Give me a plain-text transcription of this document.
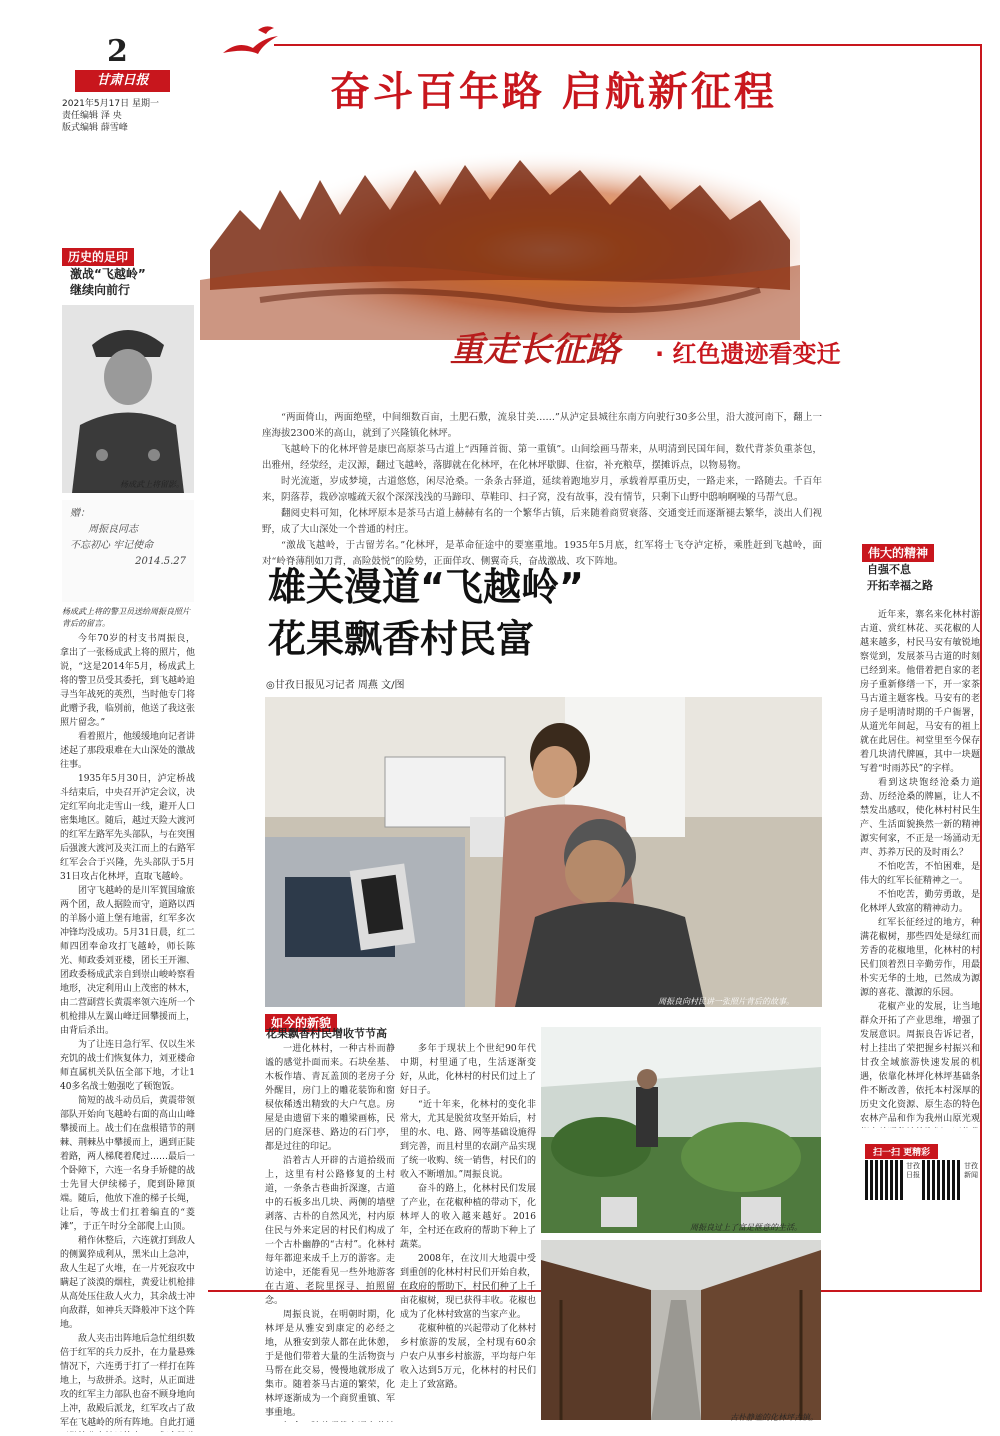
2
甘肃日报
2021年5月17日 星期一
责任编辑 泽 央
版式编辑 薛雪峰
奋斗百年路 启航新征程
重走长征路 · 红色遗迹看变迁
历史的足印
激战“飞越岭”
继续向前行
杨成武上将留影。
赠：
周振良同志
不忘初心 牢记使命
2014.5.27
杨成武上将的警卫员送给周振良照片背后的留言。

今年70岁的村支书周振良，拿出了一张杨成武上将的照片，他说，“这是2014年5月，杨成武上将的警卫员受其委托，到飞越岭追寻当年战死的英烈，当时他专门将此赠予我，临别前，他送了我这张照片留念。”

看着照片，他缓缓地向记者讲述起了那段艰难在大山深处的激战往事。

1935年5月30日，泸定桥战斗结束后，中央召开泸定会议，决定红军向北走雪山一线，避开人口密集地区。随后，越过天险大渡河的红军左路军先头部队，与在突围后强渡大渡河及夹江而上的右路军红军会合于兴隆，先头部队于5月31日攻占化林坪，直取飞越岭。

团守飞越岭的是川军賀国瑜旅两个团，敌人据险而守，道路以西的羊肠小道上堡有地雷，红军多次冲锋均没成功。5月31日晨，红二师四团奉命攻打飞越岭，师长陈光、师政委刘亚楼，团长王开湘、团政委杨成武亲自到崇山峻岭察看地形，决定利用山上茂密的林木，由二营副营长黄震率领六连所一个机枪排从左翼山峰迂回攀援而上，由背后杀出。

为了让连日急行军、仅以生米充饥的战士们恢复体力，刘亚楼命师直属机关队伍全部下地，才让140多名战士勉强吃了顿饱饭。

简短的战斗动员后，黄震带领部队开始向飞越岭右面的高山山峰攀援而上。战士们在盘根错节的荆棘、荆棘丛中攀援而上，遇到正陡着路，两人梯爬着爬过……最后一个卧障下，六连一名身手矫健的战士先冒大伊续梯子，爬到卧障顶端。随后，他放下准的梯子长绳，让后，等战士们扛着编直的“菱滩”，于正午时分全部爬上山顶。

稍作休整后，六连就打到敌人的侧翼猝成利从，黑米山上急冲，敌人生起了火堆，在一片死寂攻中瞒起了淡漠的烟柱，黄爱让机枪排从高处压住敌人火力，其余战士冲向敌群，如神兵天降般冲下这个阵地。

敌人夹击出阵地后急忙组织数倍于红军的兵力反扑，在力量悬殊情况下，六连勇于打了一样打在阵地上，与敌拼杀。这时，从正面进攻的红军主力部队也奋不顾身地向上冲，敌殿后派龙，红军攻占了敌军在飞越岭的所有阵地。自此打通

“两面倚山，两面绝壁，中间细数百亩，土肥石敷，流泉甘美……”从泸定县城往东南方向驶行30多公里，沿大渡河南下，翻上一座海拔2300米的高山，就到了兴隆镇化林坪。

飞越岭下的化林坪曾是康巴高原茶马古道上“西陲首衙、第一重镇”。山间绘画马帮来，从明清到民国年间，数代背茶负重茶包，出雅州，经荥经，走汉源，翻过飞越岭，落脚就在化林坪，在化林坪歇脚、住宿，补充粮草，摆摊诉点，以物易物。

时光流逝，岁成梦境，古道悠悠，闲尽沧桑。一条条古驿道，延续着跑地岁月，承载着厚重历史，一路走来，一路随去。千百年来，阴落荐，栽砂凉嘘疏天叙个深深浅浅的马蹄印、草鞋印、扫子窝，没有故事，没有情节，只剩下山野中鸱响啊噪的马帮气息。

翻阅史料可知，化林坪原本是茶马古道上赫赫有名的一个繁华古镇，后来随着商贸衰落、交通变迁而逐渐褪去繁华，淡出人们视野，成了大山深处一个普通的村庄。

“激战飞越岭，于古留芳名。”化林坪，是革命征途中的要塞重地。1935年5月底，红军将士飞夺泸定桥，乘胜赶到飞越岭，面对“岭脊薄削如刀背，高险鼓悦”的险势，正面佯攻、侧翼奇兵，奋战激战、攻下阵地。

雄关漫道“飞越岭”
花果飘香村民富
◎甘孜日报见习记者 周燕 文/图
周振良向村民讲一张照片背后的故事。
伟大的精神
自强不息
开拓幸福之路

近年来，寨名来化林村游古道、赏红林花、买花椒的人越来越多，村民马安有敏锐地察觉到，发展茶马古道的时刻已经到来。他借着把自家的老房子重新修缮一下，开一家茶马古道主题客栈。马安有的老房子是明清时期的千户衙署，从道光年间起，马安有的祖上就在此居住。祠堂里至今保存着几块清代牌匾，其中一块题写着“时雨苏民”的字样。

看到这块饱经沧桑力道劲、历经沧桑的牌匾，让人不禁发出感叹，使化林村村民生产、生活面貌换然一新的精神源实何家，不正是一场涌动无声、苏养万民的及时雨么？

不怕吃苦，不怕困难，是伟大的红军长征精神之一。

不怕吃苦，勤劳勇敢，是化林坪人致富的精神动力。

红军长征经过的地方，种满花椒树，那些四处是绿红而芳香的花椒地里，化林村的村民们顶着烈日辛勤劳作，用最朴实无华的土地，已然成为源源的喜花、激源的乐园。

花椒产业的发展，让当地群众开拓了产业思维，增强了发展意识。周振良告诉记者，村上挂出了荣把握乡村振兴和甘孜全域旅游快速发展的机遇，依靠化林坪化林坪基础条件不断改善，依托本村深厚的历史文化资源、原生态的特色农林产品和作为我州山原光观

扫一扫 更精彩
甘孜日报
甘孜新闻
如今的新貌
花果飘香村民增收节节高

一进化林村，一种古朴而静谧的感觉扑面而来。石块垒基、木板作墙、青瓦盖顶的老房子分外醒目，房门上的雕花装饰和窗棂依稀透出精致的大户气息。房屋是由遗留下来的雕梁画栋，民居的门庭深巷、路边的石门亭，都是过往的印记。

沿着古人开辟的古道拾级而上，这里有村公路修复的土村道，一条条古巷曲折深邃，古道中的石板多出几块、两侧的墙壁剥落、古朴的自然风光，村内原住民与外来定居的村民们构成了一个古朴幽静的“古村”。化林村每年都迎来成千上万的游客。走访途中，还能看见一些外地游客在古道、老院里探寻、拍照留念。

周振良说，在明朝时期，化林坪是从雅安到康定的必经之地，从雅安到荥人都在此休憩，于是他们带着大量的生活物资与马帮在此交易，慢慢地就形成了集市。随着茶马古道的繁荣，化林坪逐渐成为一个商贸重镇、军事重地。

多年于现状上个世纪90年代中期，村里通了电，生活逐渐变好，从此，化林村的村民们过上了好日子。

“近十年来，化林村的变化非常大，尤其是脱贫攻坚开始后，村里的水、电、路、网等基础设施得到完善，而且村里的农副产品实现了统一收购、统一销售，村民们的收入不断增加。”周振良说。

奋斗的路上，化林村民们发展了产业，在花椒种植的带动下，化林坪人的收入越来越好。2016年，全村还在政府的帮助下种上了蔬菜。

2008年，在汶川大地震中受到重创的化林村村民们开始自救，在政府的帮助下，村民们种了上千亩花椒树，现已获得丰收。花椒也成为了化林村致富的当家产业。

花椒种植的兴起带动了化林村乡村旅游的发展，全村现有60余户农户从事乡村旅游，平均每户年收入达到5万元，化林村的村民们走上了致富路。

周振良过上了富足惬意的生活。
古朴静谧的化林坪古镇。
